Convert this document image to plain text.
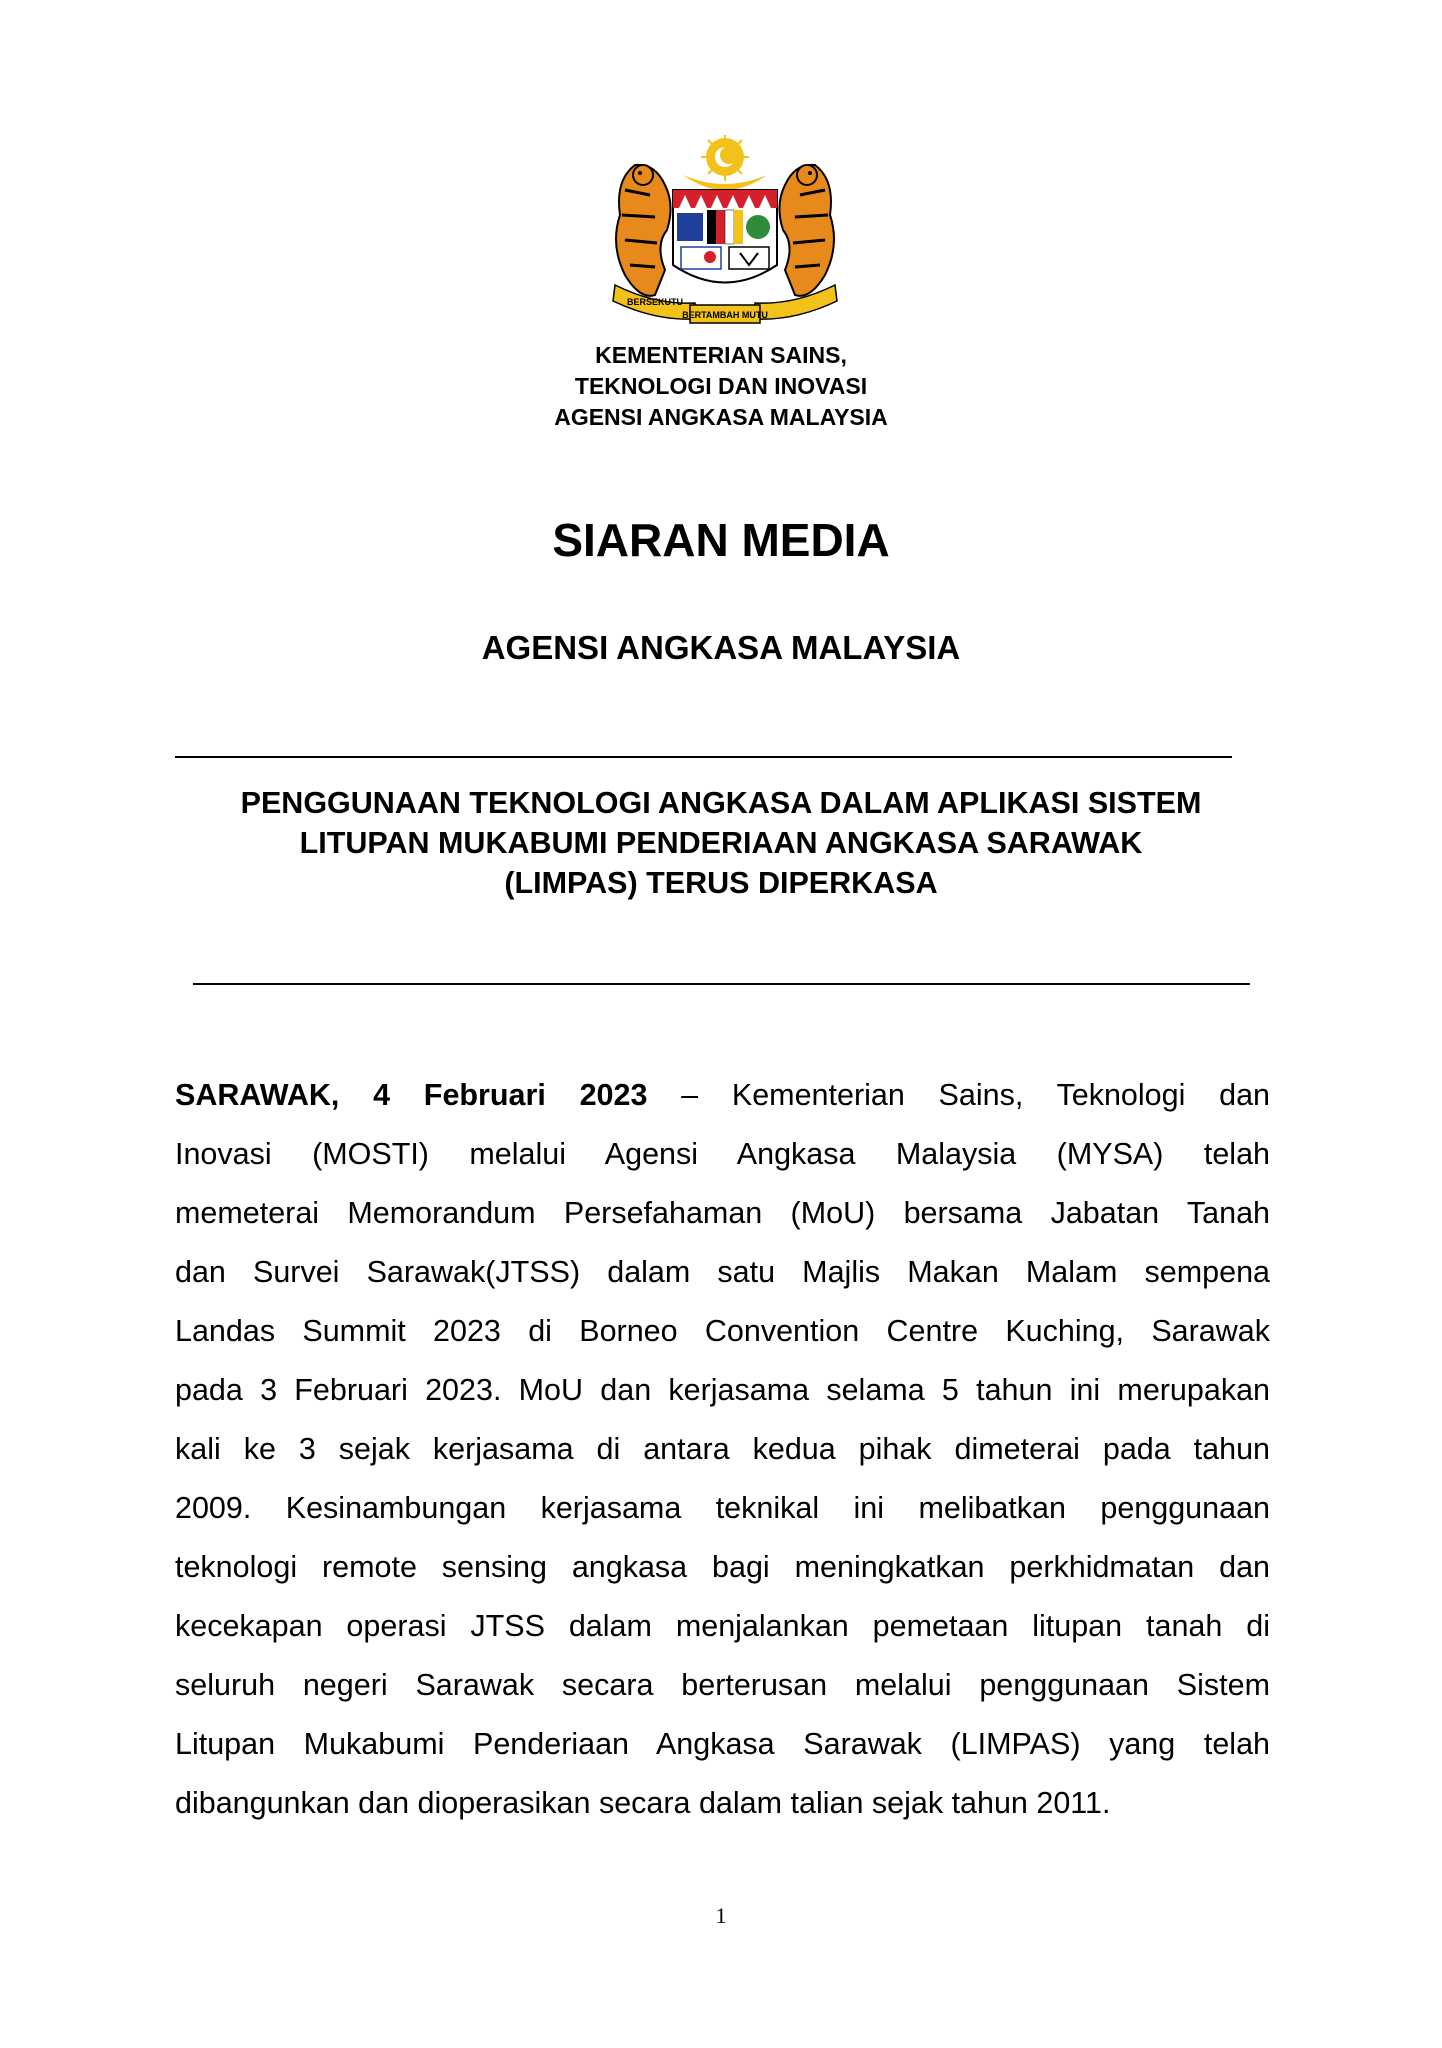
BERSEKUTU
BERTAMBAH MUTU
KEMENTERIAN SAINS,
TEKNOLOGI DAN INOVASI
AGENSI ANGKASA MALAYSIA
SIARAN MEDIA
AGENSI ANGKASA MALAYSIA
PENGGUNAAN TEKNOLOGI ANGKASA DALAM APLIKASI SISTEM
LITUPAN MUKABUMI PENDERIAAN ANGKASA SARAWAK
(LIMPAS) TERUS DIPERKASA
SARAWAK, 4 Februari 2023 – Kementerian Sains, Teknologi dan
Inovasi (MOSTI) melalui Agensi Angkasa Malaysia (MYSA) telah
memeterai Memorandum Persefahaman (MoU) bersama Jabatan Tanah
dan Survei Sarawak(JTSS) dalam satu Majlis Makan Malam sempena
Landas Summit 2023 di Borneo Convention Centre Kuching, Sarawak
pada 3 Februari 2023. MoU dan kerjasama selama 5 tahun ini merupakan
kali ke 3 sejak kerjasama di antara kedua pihak dimeterai pada tahun
2009. Kesinambungan kerjasama teknikal ini melibatkan penggunaan
teknologi remote sensing angkasa bagi meningkatkan perkhidmatan dan
kecekapan operasi JTSS dalam menjalankan pemetaan litupan tanah di
seluruh negeri Sarawak secara berterusan melalui penggunaan Sistem
Litupan Mukabumi Penderiaan Angkasa Sarawak (LIMPAS) yang telah
dibangunkan dan dioperasikan secara dalam talian sejak tahun 2011.
1
